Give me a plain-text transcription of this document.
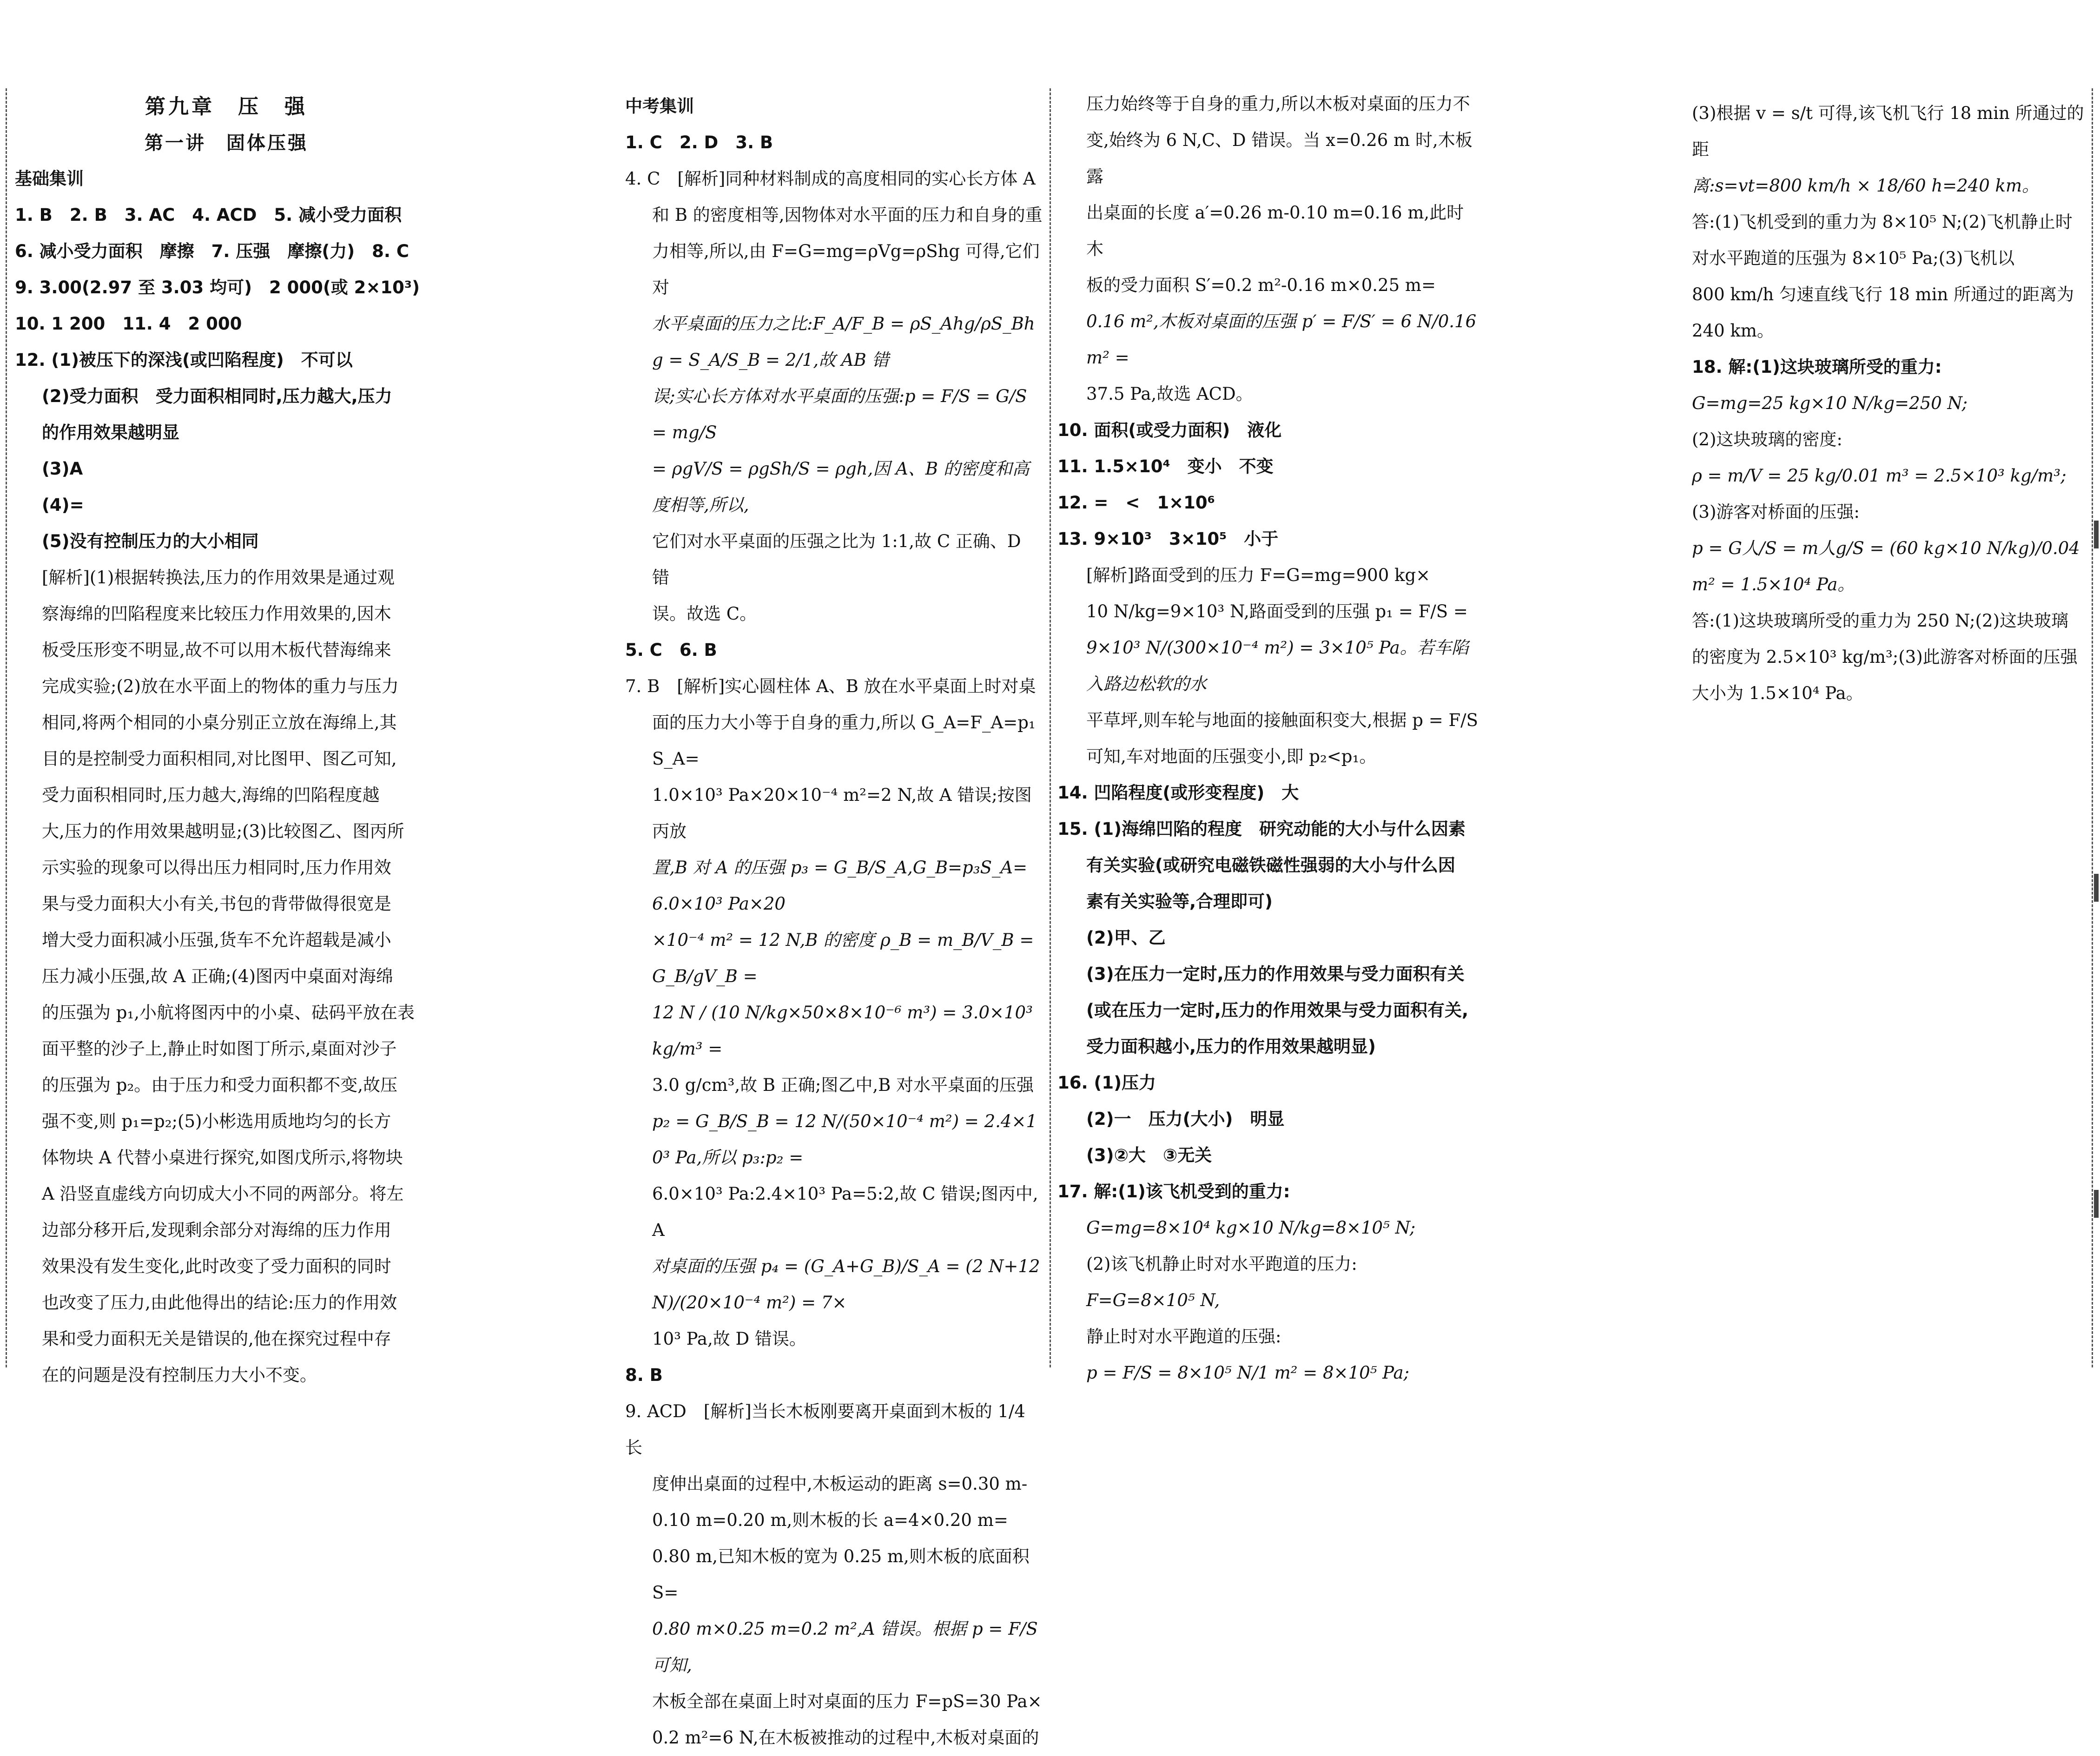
第九章　压　强
第一讲　固体压强
基础集训
1. B　2. B　3. AC　4. ACD　5. 减小受力面积
6. 减小受力面积　摩擦　7. 压强　摩擦(力)　8. C
9. 3.00(2.97 至 3.03 均可)　2 000(或 2×10³)
10. 1 200　11. 4　2 000
12. (1)被压下的深浅(或凹陷程度)　不可以
(2)受力面积　受力面积相同时,压力越大,压力
的作用效果越明显
(3)A
(4)=
(5)没有控制压力的大小相同
[解析](1)根据转换法,压力的作用效果是通过观
察海绵的凹陷程度来比较压力作用效果的,因木
板受压形变不明显,故不可以用木板代替海绵来
完成实验;(2)放在水平面上的物体的重力与压力
相同,将两个相同的小桌分别正立放在海绵上,其
目的是控制受力面积相同,对比图甲、图乙可知,
受力面积相同时,压力越大,海绵的凹陷程度越
大,压力的作用效果越明显;(3)比较图乙、图丙所
示实验的现象可以得出压力相同时,压力作用效
果与受力面积大小有关,书包的背带做得很宽是
增大受力面积减小压强,货车不允许超载是减小
压力减小压强,故 A 正确;(4)图丙中桌面对海绵
的压强为 p₁,小航将图丙中的小桌、砝码平放在表
面平整的沙子上,静止时如图丁所示,桌面对沙子
的压强为 p₂。由于压力和受力面积都不变,故压
强不变,则 p₁=p₂;(5)小彬选用质地均匀的长方
体物块 A 代替小桌进行探究,如图戊所示,将物块
A 沿竖直虚线方向切成大小不同的两部分。将左
边部分移开后,发现剩余部分对海绵的压力作用
效果没有发生变化,此时改变了受力面积的同时
也改变了压力,由此他得出的结论:压力的作用效
果和受力面积无关是错误的,他在探究过程中存
在的问题是没有控制压力大小不变。
中考集训
1. C　2. D　3. B
4. C　[解析]同种材料制成的高度相同的实心长方体 A
和 B 的密度相等,因物体对水平面的压力和自身的重
力相等,所以,由 F=G=mg=ρVg=ρShg 可得,它们对
水平桌面的压力之比:F_A/F_B = ρS_Ahg/ρS_Bhg = S_A/S_B = 2/1,故 AB 错
误;实心长方体对水平桌面的压强:p = F/S = G/S = mg/S
= ρgV/S = ρgSh/S = ρgh,因 A、B 的密度和高度相等,所以,
它们对水平桌面的压强之比为 1:1,故 C 正确、D 错
误。故选 C。
5. C　6. B
7. B　[解析]实心圆柱体 A、B 放在水平桌面上时对桌
面的压力大小等于自身的重力,所以 G_A=F_A=p₁S_A=
1.0×10³ Pa×20×10⁻⁴ m²=2 N,故 A 错误;按图丙放
置,B 对 A 的压强 p₃ = G_B/S_A,G_B=p₃S_A=6.0×10³ Pa×20
×10⁻⁴ m² = 12 N,B 的密度 ρ_B = m_B/V_B = G_B/gV_B =
12 N / (10 N/kg×50×8×10⁻⁶ m³) = 3.0×10³ kg/m³ =
3.0 g/cm³,故 B 正确;图乙中,B 对水平桌面的压强
p₂ = G_B/S_B = 12 N/(50×10⁻⁴ m²) = 2.4×10³ Pa,所以 p₃:p₂ =
6.0×10³ Pa:2.4×10³ Pa=5:2,故 C 错误;图丙中,A
对桌面的压强 p₄ = (G_A+G_B)/S_A = (2 N+12 N)/(20×10⁻⁴ m²) = 7×
10³ Pa,故 D 错误。
8. B
9. ACD　[解析]当长木板刚要离开桌面到木板的 1/4 长
度伸出桌面的过程中,木板运动的距离 s=0.30 m-
0.10 m=0.20 m,则木板的长 a=4×0.20 m=
0.80 m,已知木板的宽为 0.25 m,则木板的底面积 S=
0.80 m×0.25 m=0.2 m²,A 错误。根据 p = F/S 可知,
木板全部在桌面上时对桌面的压力 F=pS=30 Pa×
0.2 m²=6 N,在木板被推动的过程中,木板对桌面的
压力始终等于自身的重力,所以木板对桌面的压力不
变,始终为 6 N,C、D 错误。当 x=0.26 m 时,木板露
出桌面的长度 a′=0.26 m-0.10 m=0.16 m,此时木
板的受力面积 S′=0.2 m²-0.16 m×0.25 m=
0.16 m²,木板对桌面的压强 p′ = F/S′ = 6 N/0.16 m² =
37.5 Pa,故选 ACD。
10. 面积(或受力面积)　液化
11. 1.5×10⁴　变小　不变
12. =　<　1×10⁶
13. 9×10³　3×10⁵　小于
[解析]路面受到的压力 F=G=mg=900 kg×
10 N/kg=9×10³ N,路面受到的压强 p₁ = F/S =
9×10³ N/(300×10⁻⁴ m²) = 3×10⁵ Pa。若车陷入路边松软的水
平草坪,则车轮与地面的接触面积变大,根据 p = F/S
可知,车对地面的压强变小,即 p₂<p₁。
14. 凹陷程度(或形变程度)　大
15. (1)海绵凹陷的程度　研究动能的大小与什么因素
有关实验(或研究电磁铁磁性强弱的大小与什么因
素有关实验等,合理即可)
(2)甲、乙
(3)在压力一定时,压力的作用效果与受力面积有关
(或在压力一定时,压力的作用效果与受力面积有关,
受力面积越小,压力的作用效果越明显)
16. (1)压力
(2)一　压力(大小)　明显
(3)②大　③无关
17. 解:(1)该飞机受到的重力:
G=mg=8×10⁴ kg×10 N/kg=8×10⁵ N;
(2)该飞机静止时对水平跑道的压力:
F=G=8×10⁵ N,
静止时对水平跑道的压强:
p = F/S = 8×10⁵ N/1 m² = 8×10⁵ Pa;
(3)根据 v = s/t 可得,该飞机飞行 18 min 所通过的距
离:s=vt=800 km/h × 18/60 h=240 km。
答:(1)飞机受到的重力为 8×10⁵ N;(2)飞机静止时
对水平跑道的压强为 8×10⁵ Pa;(3)飞机以
800 km/h 匀速直线飞行 18 min 所通过的距离为
240 km。
18. 解:(1)这块玻璃所受的重力:
G=mg=25 kg×10 N/kg=250 N;
(2)这块玻璃的密度:
ρ = m/V = 25 kg/0.01 m³ = 2.5×10³ kg/m³;
(3)游客对桥面的压强:
p = G人/S = m人g/S = (60 kg×10 N/kg)/0.04 m² = 1.5×10⁴ Pa。
答:(1)这块玻璃所受的重力为 250 N;(2)这块玻璃
的密度为 2.5×10³ kg/m³;(3)此游客对桥面的压强
大小为 1.5×10⁴ Pa。
